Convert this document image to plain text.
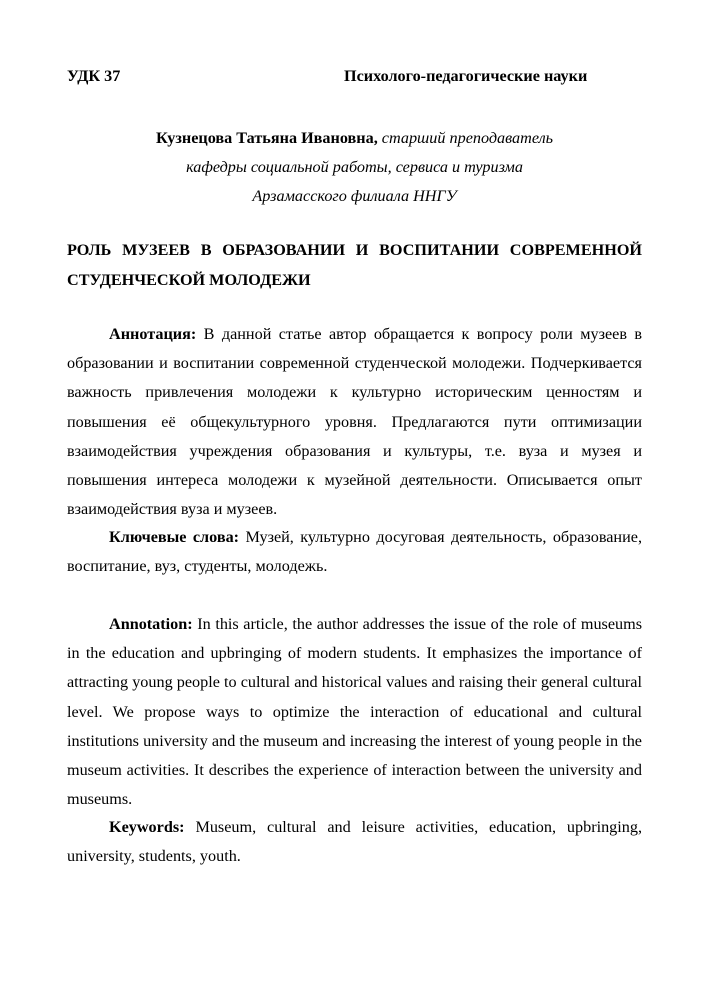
УДК 37	Психолого-педагогические науки
Кузнецова Татьяна Ивановна, старший преподаватель
кафедры социальной работы, сервиса и туризма
Арзамасского филиала ННГУ

РОЛЬ МУЗЕЕВ В ОБРАЗОВАНИИ И ВОСПИТАНИИ СОВРЕМЕННОЙ СТУДЕНЧЕСКОЙ МОЛОДЕЖИ

Аннотация: В данной статье автор обращается к вопросу роли музеев в образовании и воспитании современной студенческой молодежи. Подчеркивается важность привлечения молодежи к культурно историческим ценностям и повышения её общекультурного уровня. Предлагаются пути оптимизации взаимодействия учреждения образования и культуры, т.е. вуза и музея и повышения интереса молодежи к музейной деятельности. Описывается опыт взаимодействия вуза и музеев.

Ключевые слова: Музей, культурно досуговая деятельность, образование, воспитание, вуз, студенты, молодежь.

Annotation: In this article, the author addresses the issue of the role of museums in the education and upbringing of modern students. It emphasizes the importance of attracting young people to cultural and historical values and raising their general cultural level. We propose ways to optimize the interaction of educational and cultural institutions university and the museum and increasing the interest of young people in the museum activities. It describes the experience of interaction between the university and museums.

Keywords: Museum, cultural and leisure activities, education, upbringing, university, students, youth.
